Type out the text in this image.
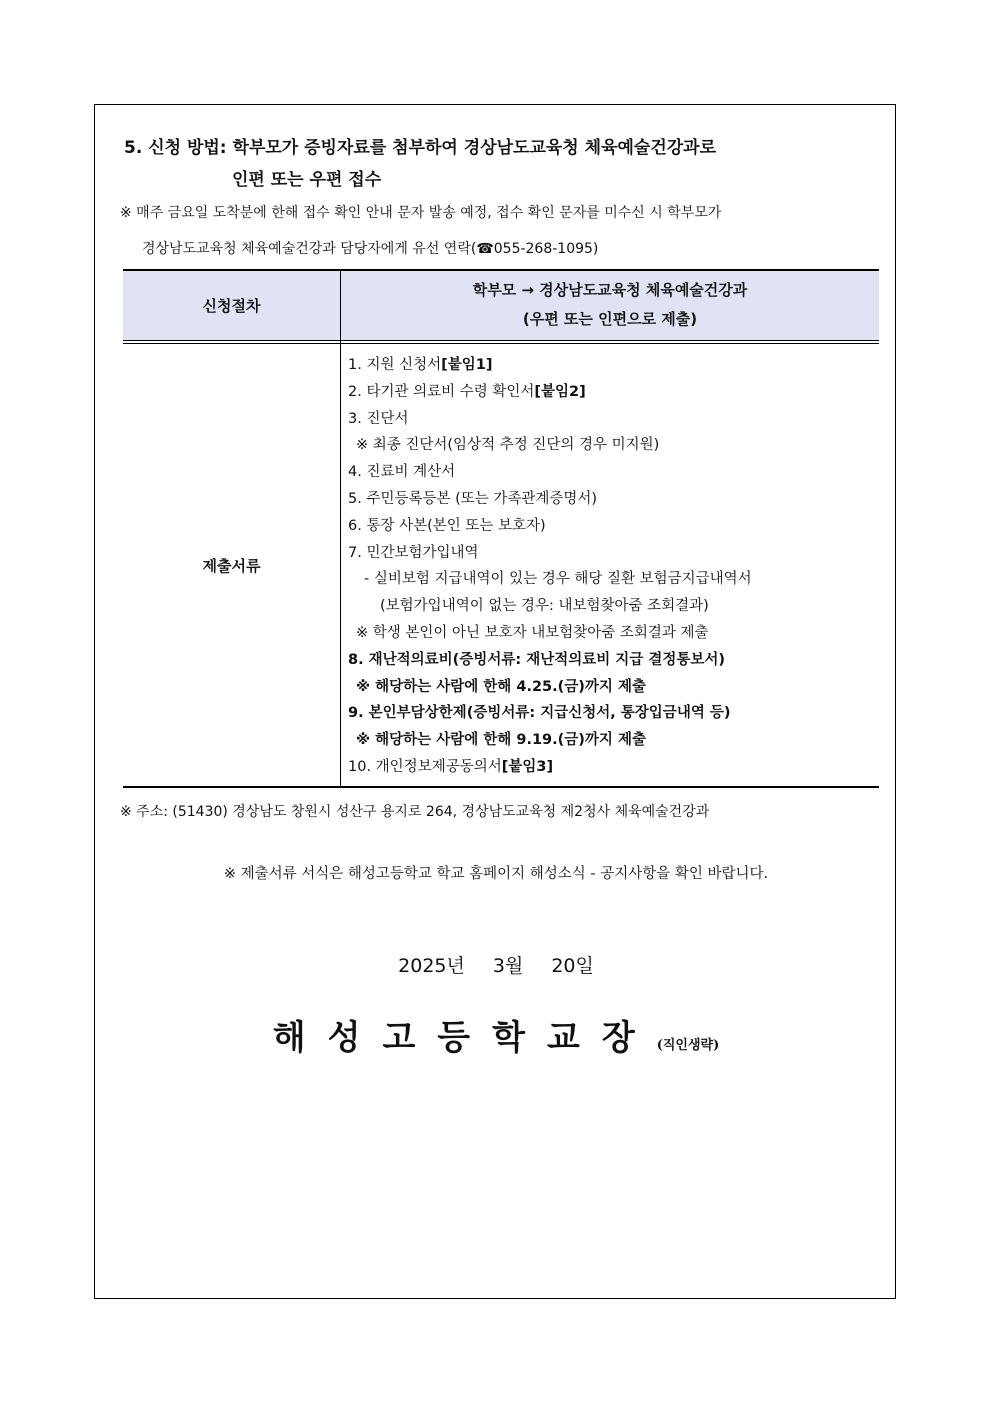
5. 신청 방법: 학부모가 증빙자료를 첨부하여 경상남도교육청 체육예술건강과로
인편 또는 우편 접수
※ 매주 금요일 도착분에 한해 접수 확인 안내 문자 발송 예정, 접수 확인 문자를 미수신 시 학부모가
경상남도교육청 체육예술건강과 담당자에게 유선 연락(☎055-268-1095)
신청절차
학부모 → 경상남도교육청 체육예술건강과
(우편 또는 인편으로 제출)
제출서류
1. 지원 신청서[붙임1]
2. 타기관 의료비 수령 확인서[붙임2]
3. 진단서
※ 최종 진단서(임상적 추정 진단의 경우 미지원)
4. 진료비 계산서
5. 주민등록등본 (또는 가족관계증명서)
6. 통장 사본(본인 또는 보호자)
7. 민간보험가입내역
- 실비보험 지급내역이 있는 경우 해당 질환 보험금지급내역서
(보험가입내역이 없는 경우: 내보험찾아줌 조회결과)
※ 학생 본인이 아닌 보호자 내보험찾아줌 조회결과 제출
8. 재난적의료비(증빙서류: 재난적의료비 지급 결정통보서)
※ 해당하는 사람에 한해 4.25.(금)까지 제출
9. 본인부담상한제(증빙서류: 지급신청서, 통장입금내역 등)
※ 해당하는 사람에 한해 9.19.(금)까지 제출
10. 개인정보제공동의서[붙임3]
※ 주소: (51430) 경상남도 창원시 성산구 용지로 264, 경상남도교육청 제2청사 체육예술건강과
※ 제출서류 서식은 해성고등학교 학교 홈페이지 해성소식 - 공지사항을 확인 바랍니다.
2025년 3월 20일
해성고등학교장(직인생략)
